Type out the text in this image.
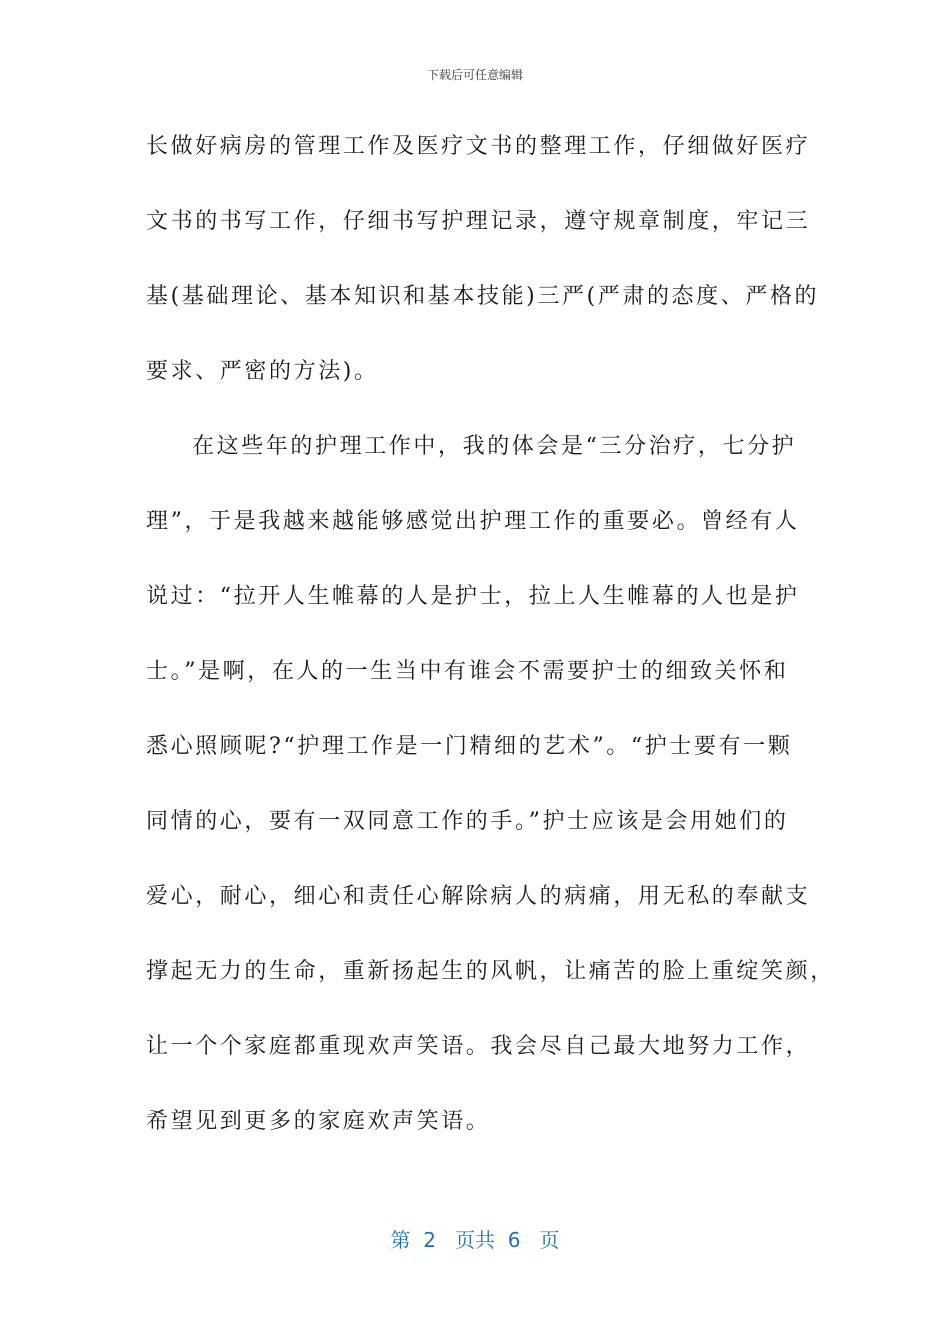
下载后可任意编辑
长做好病房的管理工作及医疗文书的整理工作，仔细做好医疗
文书的书写工作，仔细书写护理记录，遵守规章制度，牢记三
基(基础理论、基本知识和基本技能)三严(严肃的态度、严格的
要求、严密的方法)。
在这些年的护理工作中，我的体会是“三分治疗，七分护
理”，于是我越来越能够感觉出护理工作的重要必。曾经有人
说过：“拉开人生帷幕的人是护士，拉上人生帷幕的人也是护
士。”是啊，在人的一生当中有谁会不需要护士的细致关怀和
悉心照顾呢?“护理工作是一门精细的艺术”。“护士要有一颗
同情的心，要有一双同意工作的手。”护士应该是会用她们的
爱心，耐心，细心和责任心解除病人的病痛，用无私的奉献支
撑起无力的生命，重新扬起生的风帆，让痛苦的脸上重绽笑颜，
让一个个家庭都重现欢声笑语。我会尽自己最大地努力工作，
希望见到更多的家庭欢声笑语。
第  2   页共  6   页
